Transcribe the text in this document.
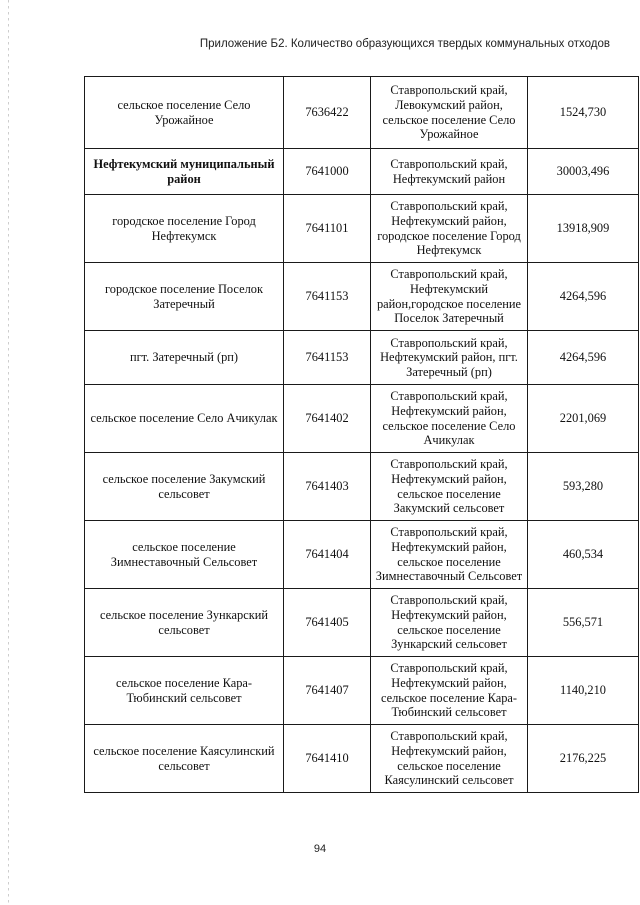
Приложение Б2. Количество образующихся твердых коммунальных отходов
сельское поселение Село Урожайное	7636422	Ставропольский край, Левокумский район, сельское поселение Село Урожайное	1524,730
Нефтекумский муниципальный район	7641000	Ставропольский край, Нефтекумский район	30003,496
городское поселение Город Нефтекумск	7641101	Ставропольский край, Нефтекумский район, городское поселение Город Нефтекумск	13918,909
городское поселение Поселок Затеречный	7641153	Ставропольский край, Нефтекумский район,городское поселение Поселок Затеречный	4264,596
пгт. Затеречный (рп)	7641153	Ставропольский край, Нефтекумский район, пгт. Затеречный (рп)	4264,596
сельское поселение Село Ачикулак	7641402	Ставропольский край, Нефтекумский район, сельское поселение Село Ачикулак	2201,069
сельское поселение Закумский сельсовет	7641403	Ставропольский край, Нефтекумский район, сельское поселение Закумский сельсовет	593,280
сельское поселение Зимнеставочный Сельсовет	7641404	Ставропольский край, Нефтекумский район, сельское поселение Зимнеставочный Сельсовет	460,534
сельское поселение Зункарский сельсовет	7641405	Ставропольский край, Нефтекумский район, сельское поселение Зункарский сельсовет	556,571
сельское поселение Кара-Тюбинский сельсовет	7641407	Ставропольский край, Нефтекумский район, сельское поселение Кара-Тюбинский сельсовет	1140,210
сельское поселение Каясулинский сельсовет	7641410	Ставропольский край, Нефтекумский район, сельское поселение Каясулинский сельсовет	2176,225
94
